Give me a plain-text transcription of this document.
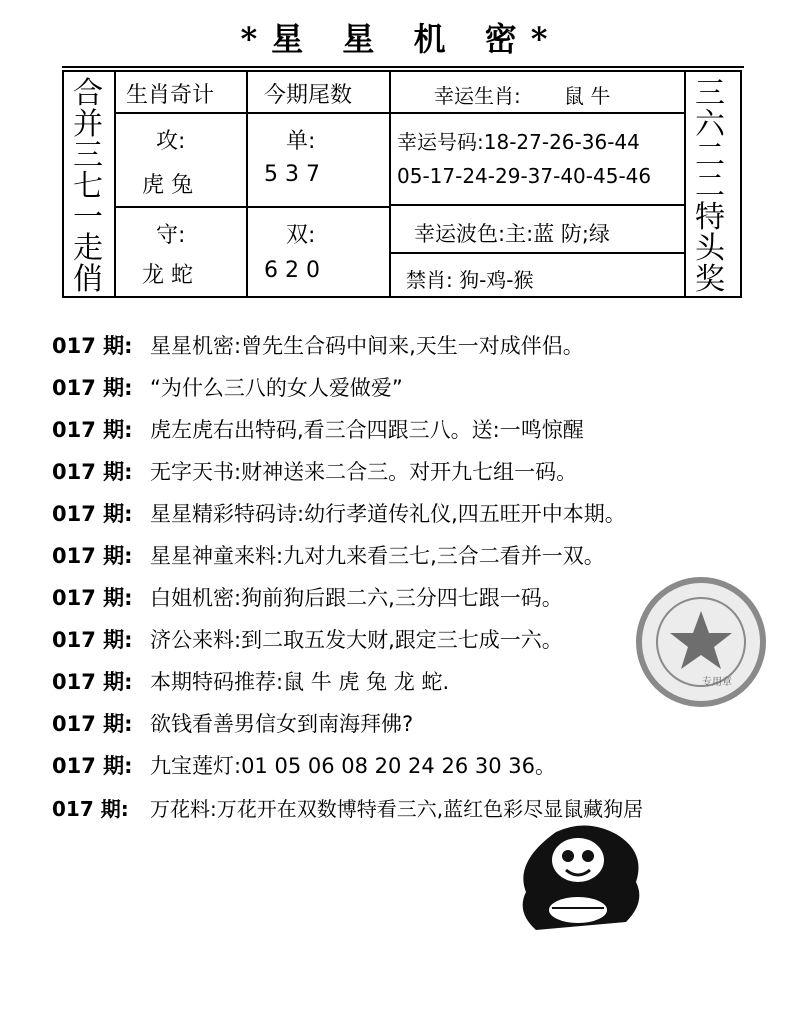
*星 星 机 密*
合
并
三
七
一
走
俏
三
六
二
二
特
头
奖
生肖奇计 今期尾数	幸运生肖: 鼠 牛
攻:
虎 兔
守:
龙 蛇
单:
5 3 7
双:
6 2 0
幸运号码:18-27-26-36-44
05-17-24-29-37-40-45-46
幸运波色:主:蓝 防;绿
禁肖: 狗-鸡-猴
017 期: 星星机密:曾先生合码中间来,天生一对成伴侣。
017 期: “为什么三八的女人爱做爱”
017 期: 虎左虎右出特码,看三合四跟三八。送:一鸣惊醒
017 期: 无字天书:财神送来二合三。对开九七组一码。
017 期: 星星精彩特码诗:幼行孝道传礼仪,四五旺开中本期。
017 期: 星星神童来料:九对九来看三七,三合二看并一双。
017 期: 白姐机密:狗前狗后跟二六,三分四七跟一码。
017 期: 济公来料:到二取五发大财,跟定三七成一六。
017 期: 本期特码推荐:鼠 牛 虎 兔 龙 蛇.
017 期: 欲钱看善男信女到南海拜佛?
017 期: 九宝莲灯:01 05 06 08 20 24 26 30 36。
017 期:	万花料:万花开在双数博特看三六,蓝红色彩尽显鼠藏狗居
专用章
